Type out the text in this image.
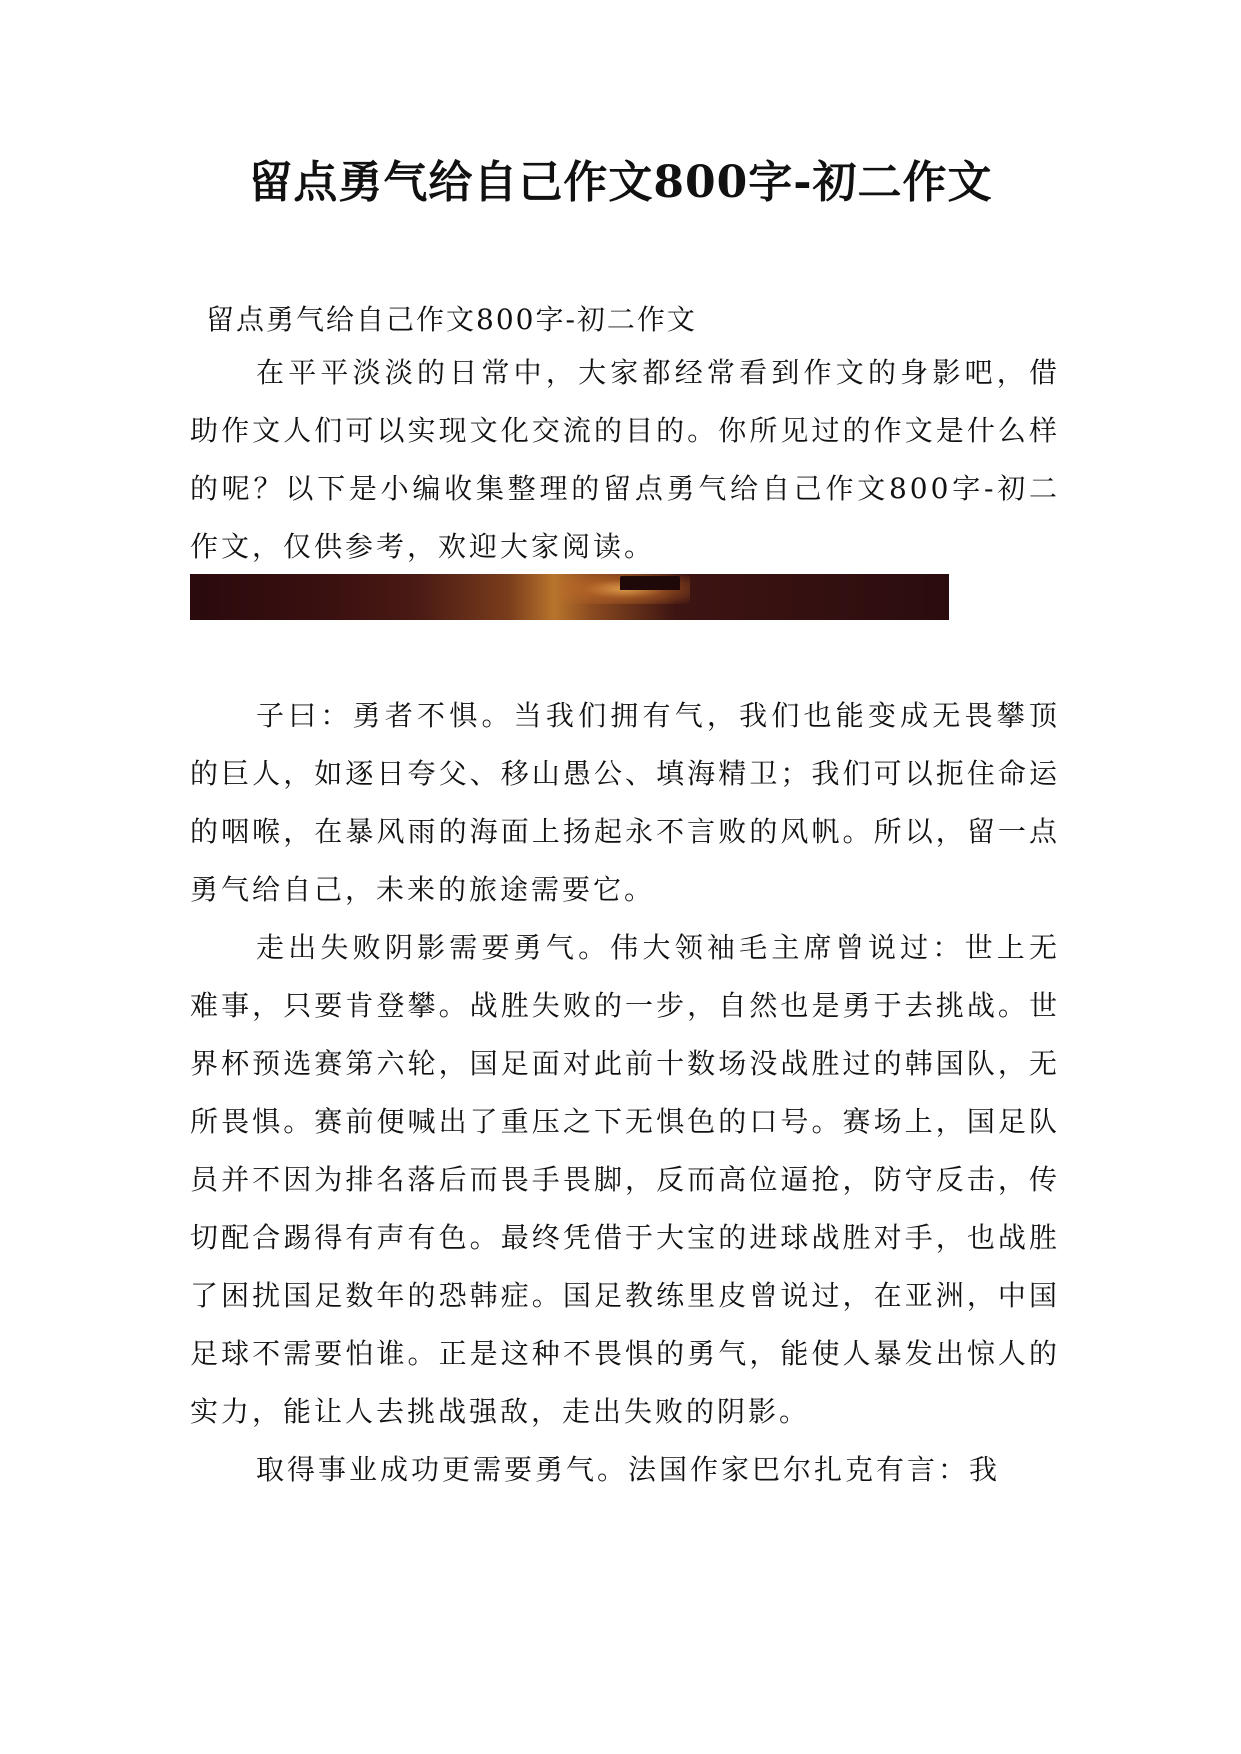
留点勇气给自己作文800字-初二作文
留点勇气给自己作文800字-初二作文

在平平淡淡的日常中，大家都经常看到作文的身影吧，借助作文人们可以实现文化交流的目的。你所见过的作文是什么样的呢？以下是小编收集整理的留点勇气给自己作文800字-初二作文，仅供参考，欢迎大家阅读。

子曰：勇者不惧。当我们拥有气，我们也能变成无畏攀顶的巨人，如逐日夸父、移山愚公、填海精卫；我们可以扼住命运的咽喉，在暴风雨的海面上扬起永不言败的风帆。所以，留一点勇气给自己，未来的旅途需要它。

走出失败阴影需要勇气。伟大领袖毛主席曾说过：世上无难事，只要肯登攀。战胜失败的一步，自然也是勇于去挑战。世界杯预选赛第六轮，国足面对此前十数场没战胜过的韩国队，无所畏惧。赛前便喊出了重压之下无惧色的口号。赛场上，国足队员并不因为排名落后而畏手畏脚，反而高位逼抢，防守反击，传切配合踢得有声有色。最终凭借于大宝的进球战胜对手，也战胜了困扰国足数年的恐韩症。国足教练里皮曾说过，在亚洲，中国足球不需要怕谁。正是这种不畏惧的勇气，能使人暴发出惊人的实力，能让人去挑战强敌，走出失败的阴影。

取得事业成功更需要勇气。法国作家巴尔扎克有言：我
